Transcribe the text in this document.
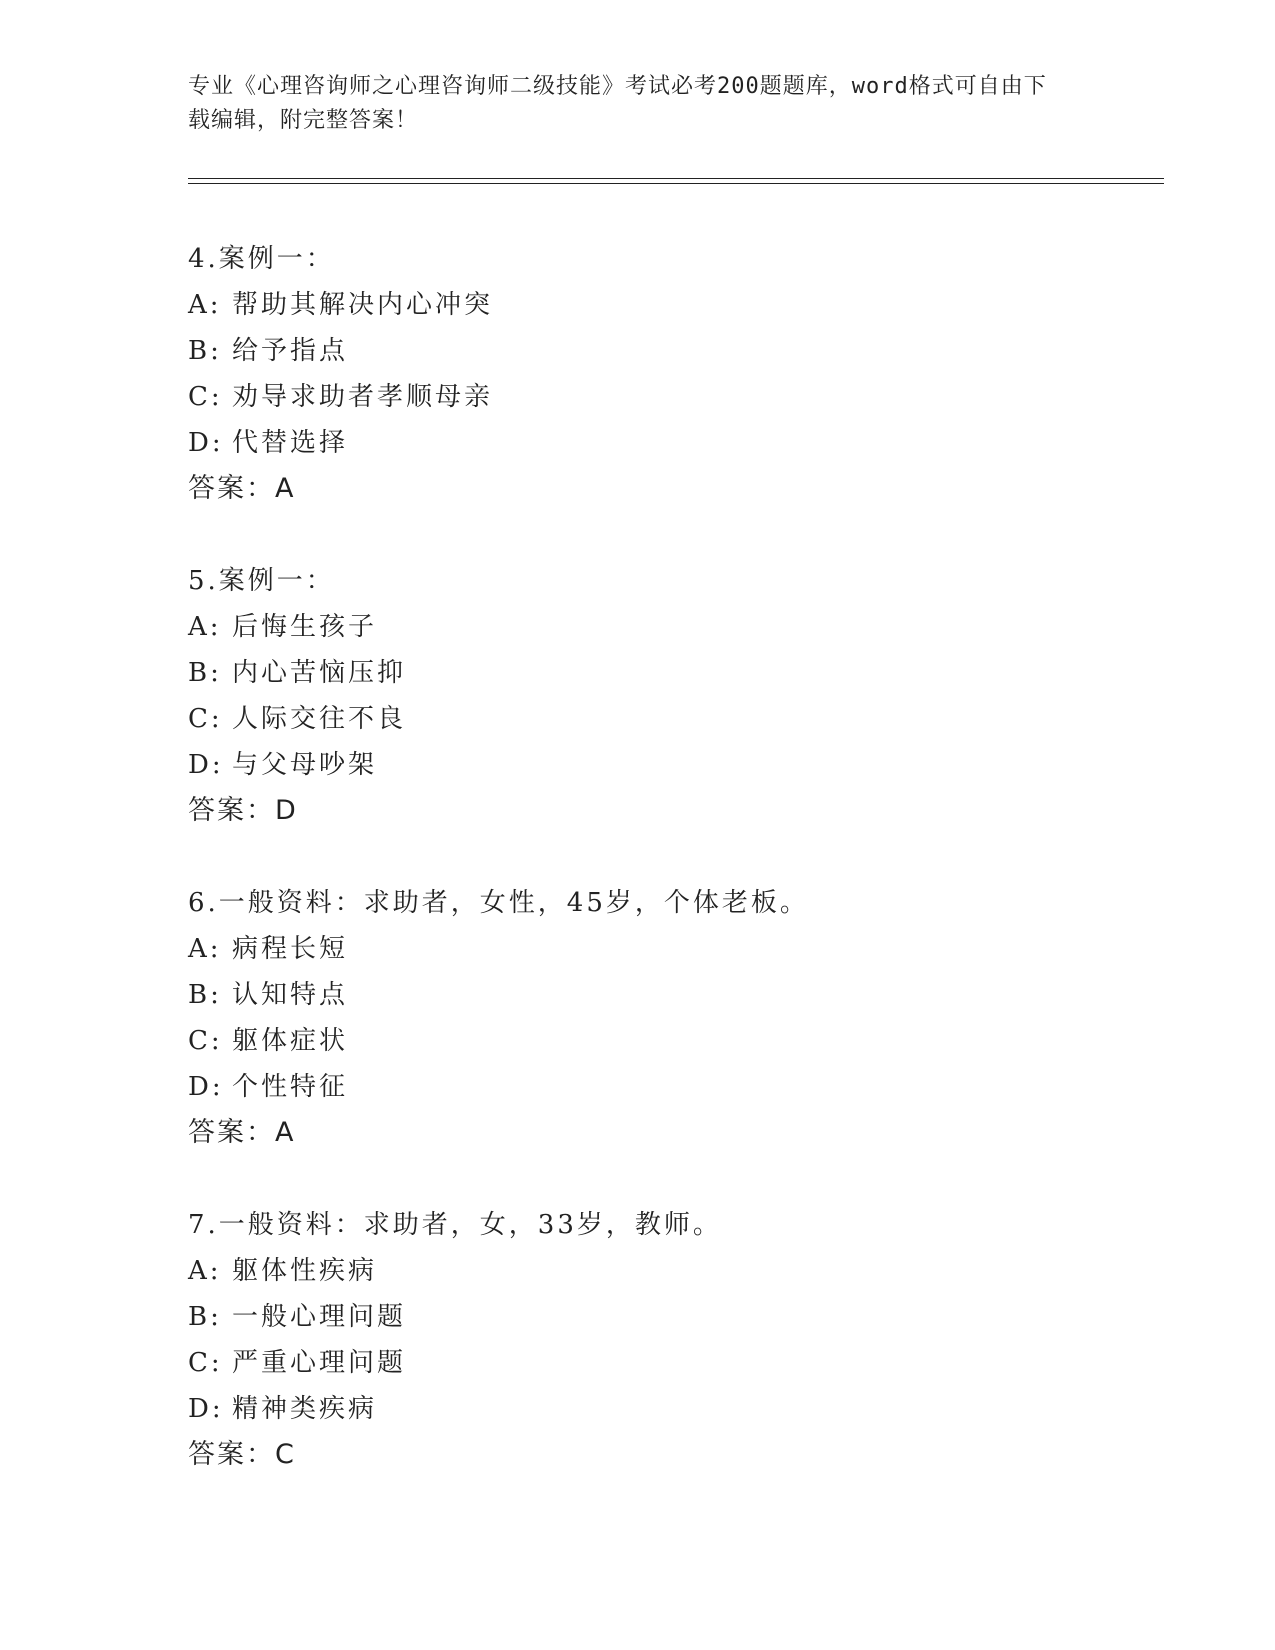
专业《心理咨询师之心理咨询师二级技能》考试必考200题题库，word格式可自由下载编辑，附完整答案！
4.案例一：
A: 帮助其解决内心冲突
B: 给予指点
C: 劝导求助者孝顺母亲
D: 代替选择
答案：A
5.案例一：
A: 后悔生孩子
B: 内心苦恼压抑
C: 人际交往不良
D: 与父母吵架
答案：D
6.一般资料：求助者，女性，45岁，个体老板。
A: 病程长短
B: 认知特点
C: 躯体症状
D: 个性特征
答案：A
7.一般资料：求助者，女，33岁，教师。
A: 躯体性疾病
B: 一般心理问题
C: 严重心理问题
D: 精神类疾病
答案：C
